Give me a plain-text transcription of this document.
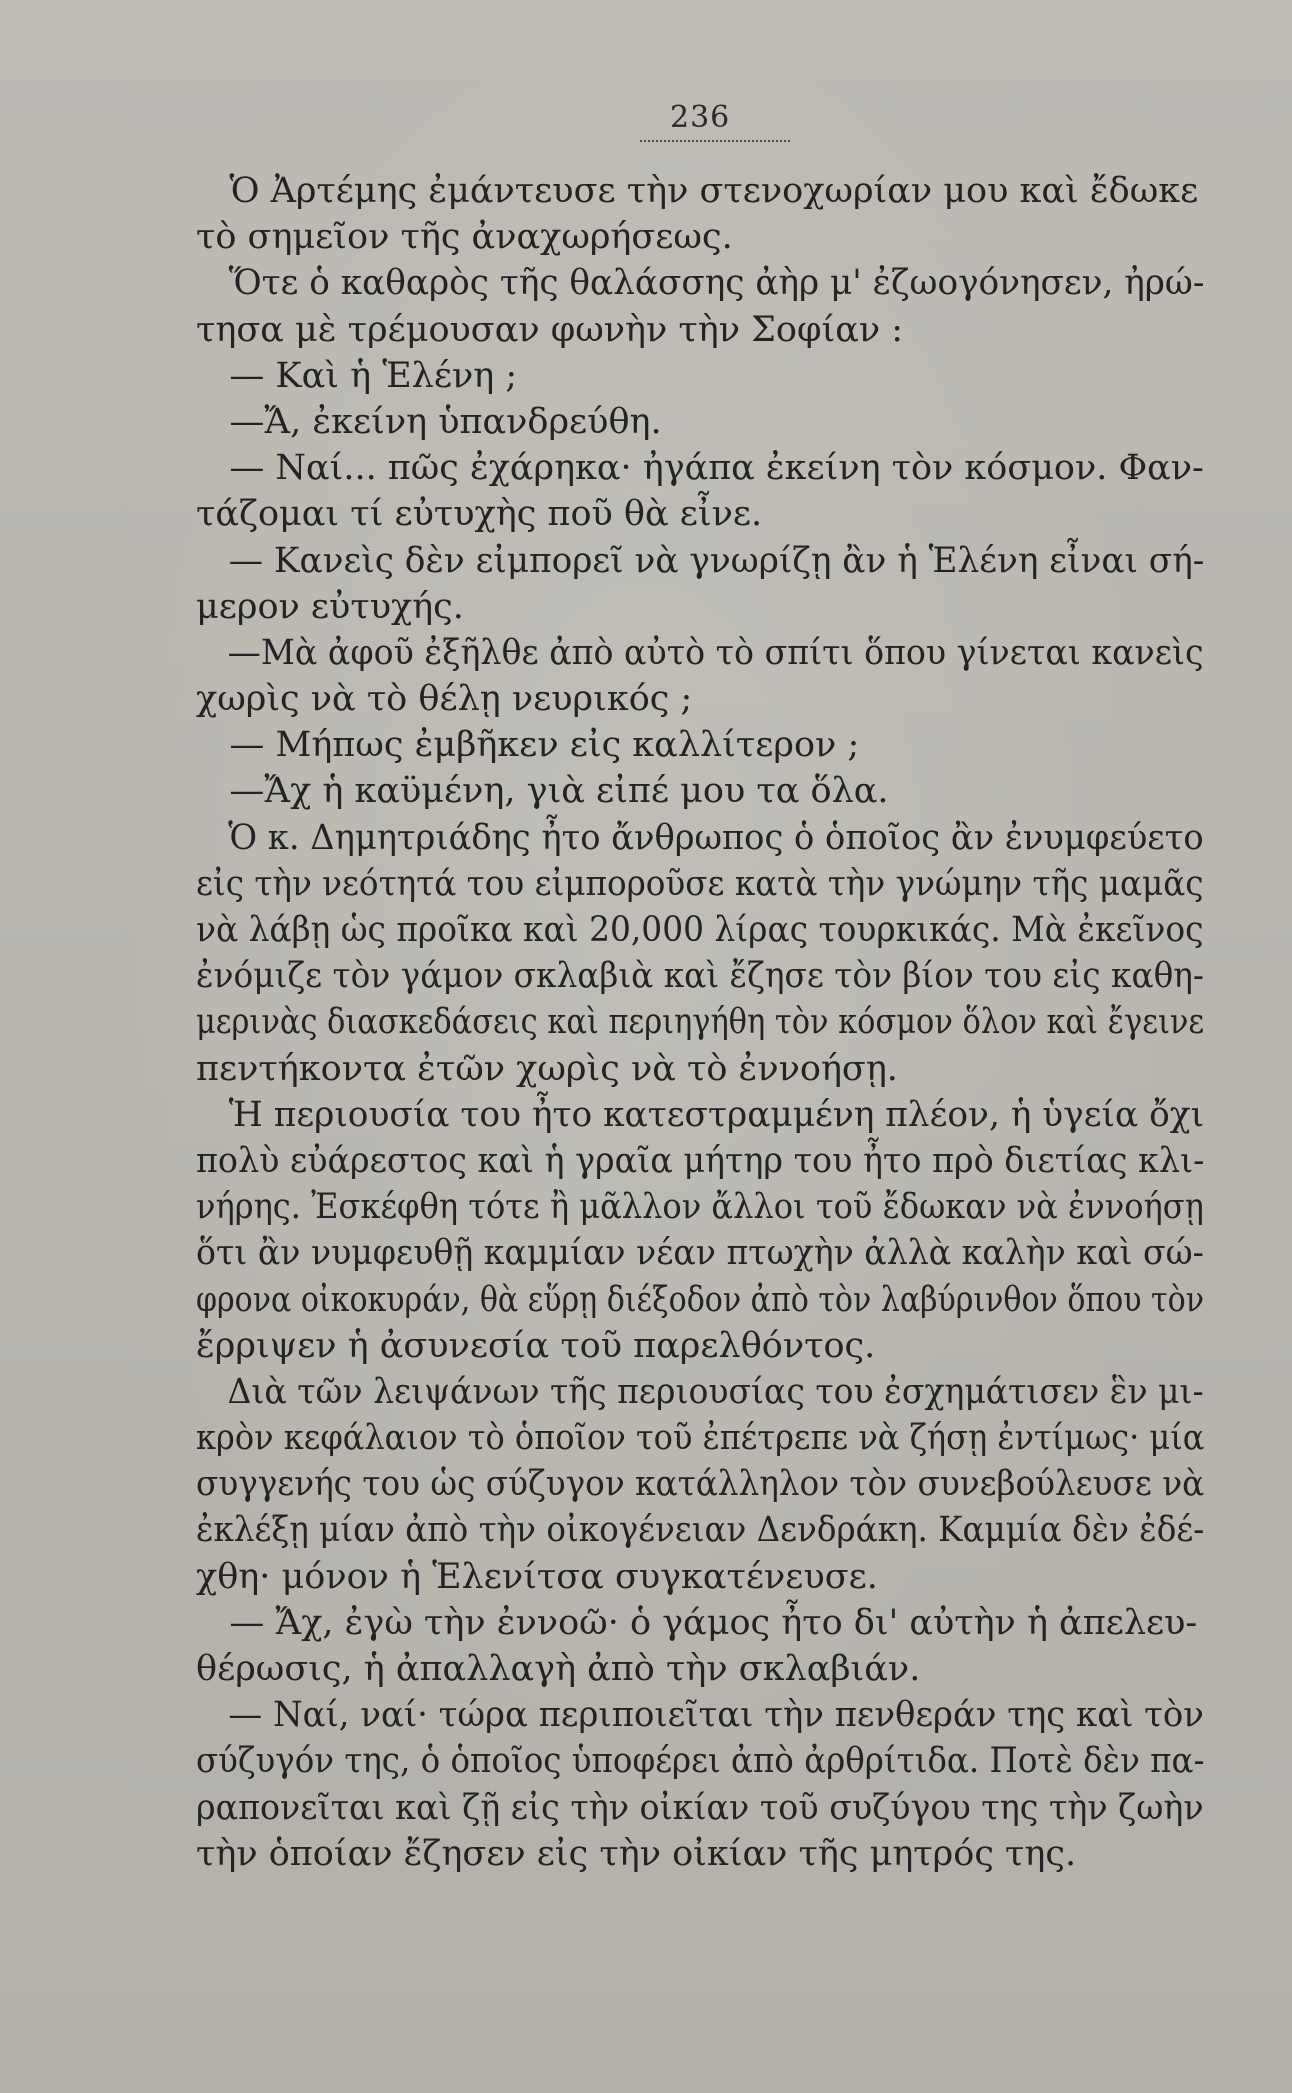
236
Ὁ Ἀρτέμης ἐμάντευσε τὴν στενοχωρίαν μου καὶ ἔδωκε
τὸ σημεῖον τῆς ἀναχωρήσεως.
Ὅτε ὁ καθαρὸς τῆς θαλάσσης ἀὴρ μ' ἐζωογόνησεν, ἠρώ-
τησα μὲ τρέμουσαν φωνὴν τὴν Σοφίαν :
— Καὶ ἡ Ἑλένη ;
—Ἄ, ἐκείνη ὑπανδρεύθη.
— Ναί... πῶς ἐχάρηκα· ἠγάπα ἐκείνη τὸν κόσμον. Φαν-
τάζομαι τί εὐτυχὴς ποῦ θὰ εἶνε.
— Κανεὶς δὲν εἰμπορεῖ νὰ γνωρίζῃ ἂν ἡ Ἑλένη εἶναι σή-
μερον εὐτυχής.
—Μὰ ἀφοῦ ἐξῆλθε ἀπὸ αὐτὸ τὸ σπίτι ὅπου γίνεται κανεὶς
χωρὶς νὰ τὸ θέλῃ νευρικός ;
— Μήπως ἐμβῆκεν εἰς καλλίτερον ;
—Ἄχ ἡ καϋμένη, γιὰ εἰπέ μου τα ὅλα.
Ὁ κ. Δημητριάδης ἦτο ἄνθρωπος ὁ ὁποῖος ἂν ἐνυμφεύετο
εἰς τὴν νεότητά του εἰμποροῦσε κατὰ τὴν γνώμην τῆς μαμᾶς
νὰ λάβῃ ὡς προῖκα καὶ 20,000 λίρας τουρκικάς. Μὰ ἐκεῖνος
ἐνόμιζε τὸν γάμον σκλαβιὰ καὶ ἔζησε τὸν βίον του εἰς καθη-
μερινὰς διασκεδάσεις καὶ περιηγήθη τὸν κόσμον ὅλον καὶ ἔγεινε
πεντήκοντα ἐτῶν χωρὶς νὰ τὸ ἐννοήσῃ.
Ἡ περιουσία του ἦτο κατεστραμμένη πλέον, ἡ ὑγεία ὄχι
πολὺ εὐάρεστος καὶ ἡ γραῖα μήτηρ του ἦτο πρὸ διετίας κλι-
νήρης. Ἐσκέφθη τότε ἢ μᾶλλον ἄλλοι τοῦ ἔδωκαν νὰ ἐννοήσῃ
ὅτι ἂν νυμφευθῇ καμμίαν νέαν πτωχὴν ἀλλὰ καλὴν καὶ σώ-
φρονα οἰκοκυράν, θὰ εὕρῃ διέξοδον ἀπὸ τὸν λαβύρινθον ὅπου τὸν
ἔρριψεν ἡ ἀσυνεσία τοῦ παρελθόντος.
Διὰ τῶν λειψάνων τῆς περιουσίας του ἐσχημάτισεν ἓν μι-
κρὸν κεφάλαιον τὸ ὁποῖον τοῦ ἐπέτρεπε νὰ ζήσῃ ἐντίμως· μία
συγγενής του ὡς σύζυγον κατάλληλον τὸν συνεβούλευσε νὰ
ἐκλέξῃ μίαν ἀπὸ τὴν οἰκογένειαν Δενδράκη. Καμμία δὲν ἐδέ-
χθη· μόνον ἡ Ἑλενίτσα συγκατένευσε.
— Ἄχ, ἐγὼ τὴν ἐννοῶ· ὁ γάμος ἦτο δι' αὐτὴν ἡ ἀπελευ-
θέρωσις, ἡ ἀπαλλαγὴ ἀπὸ τὴν σκλαβιάν.
— Ναί, ναί· τώρα περιποιεῖται τὴν πενθεράν της καὶ τὸν
σύζυγόν της, ὁ ὁποῖος ὑποφέρει ἀπὸ ἀρθρίτιδα. Ποτὲ δὲν πα-
ραπονεῖται καὶ ζῇ εἰς τὴν οἰκίαν τοῦ συζύγου της τὴν ζωὴν
τὴν ὁποίαν ἔζησεν εἰς τὴν οἰκίαν τῆς μητρός της.
